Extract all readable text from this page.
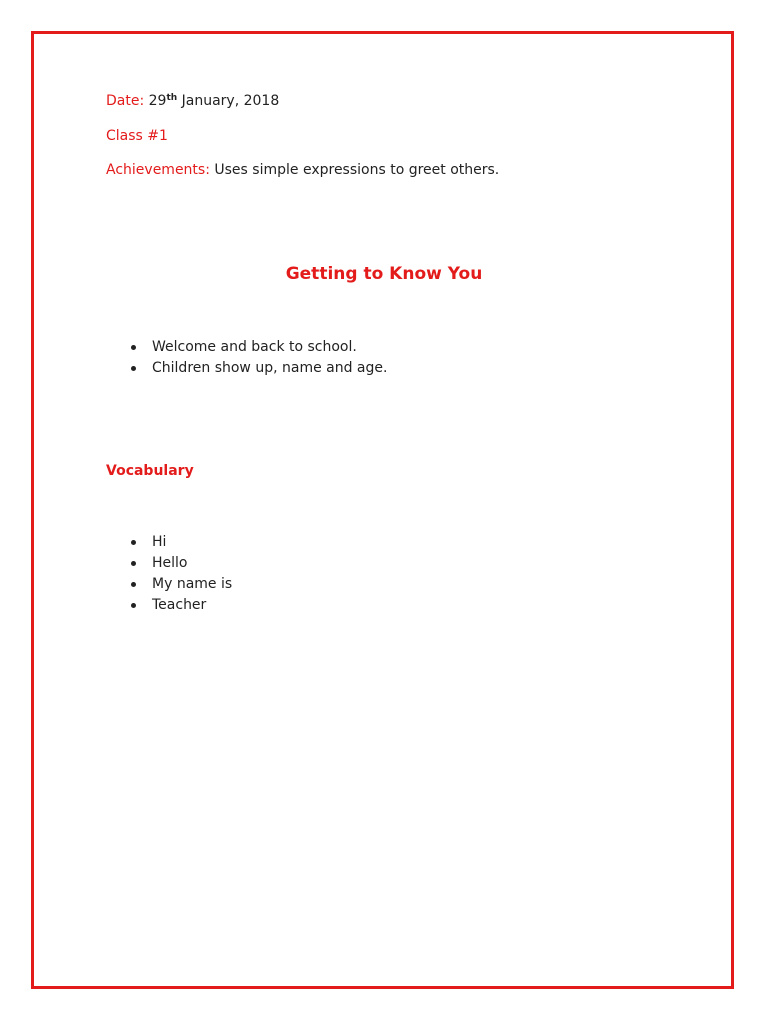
Date: 29th January, 2018
Class #1
Achievements: Uses simple expressions to greet others.
Getting to Know You
Welcome and back to school.
Children show up, name and age.
Vocabulary
Hi
Hello
My name is
Teacher
